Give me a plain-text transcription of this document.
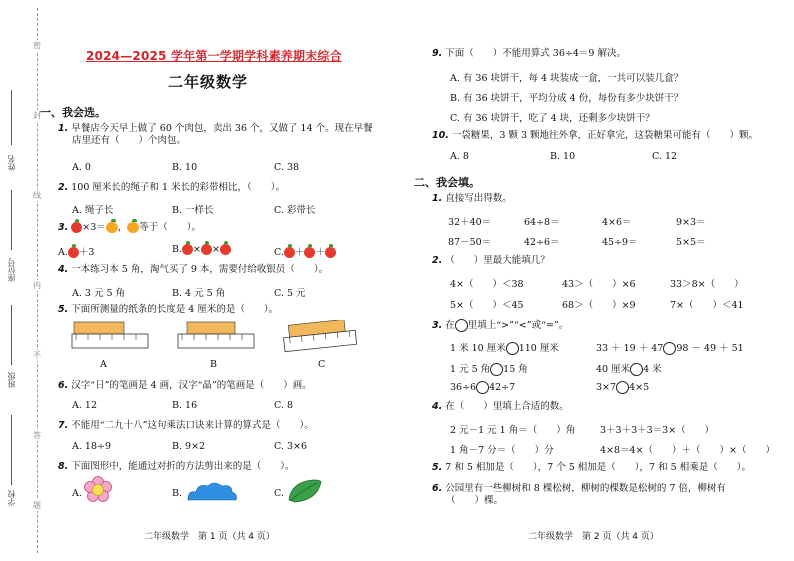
姓名
座位号
班级
学校
密
封
线
内
不
答
题
2024—2025 学年第一学期学科素养期末综合
二年级数学
一、我会选。
1. 早餐店今天早上做了 60 个肉包，卖出 36 个，又做了 14 个。现在早餐
店里还有（　　）个肉包。
A. 0	B. 10	C. 38
2. 100 厘米长的绳子和 1 米长的彩带相比，（　　）。
A. 绳子长	B. 一样长	C. 彩带长
3. ×3＝ ， 等于（　　）。
A. ＋3	B. × ×	C. ＋ ＋
4. 一本练习本 5 角，淘气买了 9 本，需要付给收银员（　　）。
A. 3 元 5 角	B. 4 元 5 角	C. 5 元
5. 下面所测量的纸条的长度是 4 厘米的是（　　）。
A	B	C
6. 汉字“日”的笔画是 4 画，汉字“晶”的笔画是（　　）画。
A. 12	B. 16	C. 8
7. 不能用“二九十八”这句乘法口诀来计算的算式是（　　）。
A. 18÷9	B. 9×2	C. 3×6
8. 下面图形中，能通过对折的方法剪出来的是（　　）。
A.	B.	C.
二年级数学　第 1 页（共 4 页）
9. 下面（　　）不能用算式 36÷4＝9 解决。
A. 有 36 块饼干，每 4 块装成一盒，一共可以装几盒？
B. 有 36 块饼干，平均分成 4 份，每份有多少块饼干？
C. 有 36 块饼干，吃了 4 块，还剩多少块饼干？
10. 一袋糖果，3 颗 3 颗地往外拿，正好拿完，这袋糖果可能有（　　）颗。
A. 8	B. 10	C. 12
二、我会填。
1. 直接写出得数。
32＋40＝	64÷8＝	4×6＝	9×3＝
87－50＝	42÷6＝	45÷9＝	5×5＝
2. （　　）里最大能填几？
4×（　　）＜38	43＞（　　）×6	33＞8×（　　）
5×（　　）＜45	68＞（　　）×9	7×（　　）＜41
3. 在 里填上“>”“<”或“=”。
1 米 10 厘米 110 厘米	33 ＋ 19 ＋ 47 98 － 49 ＋ 51
1 元 5 角 15 角	40 厘米 4 米
36÷6 42÷7	3×7 4×5
4. 在（　　）里填上合适的数。
2 元－1 元 1 角＝（　　）角	3＋3＋3＋3＝3×（　　）
1 角－7 分＝（　　）分	4×8＝4×（　　）＋（　　）×（　　）
5. 7 和 5 相加是（　　），7 个 5 相加是（　　），7 和 5 相乘是（　　）。
6. 公园里有一些柳树和 8 棵松树，柳树的棵数是松树的 7 倍，柳树有
（　　）棵。
二年级数学　第 2 页（共 4 页）
